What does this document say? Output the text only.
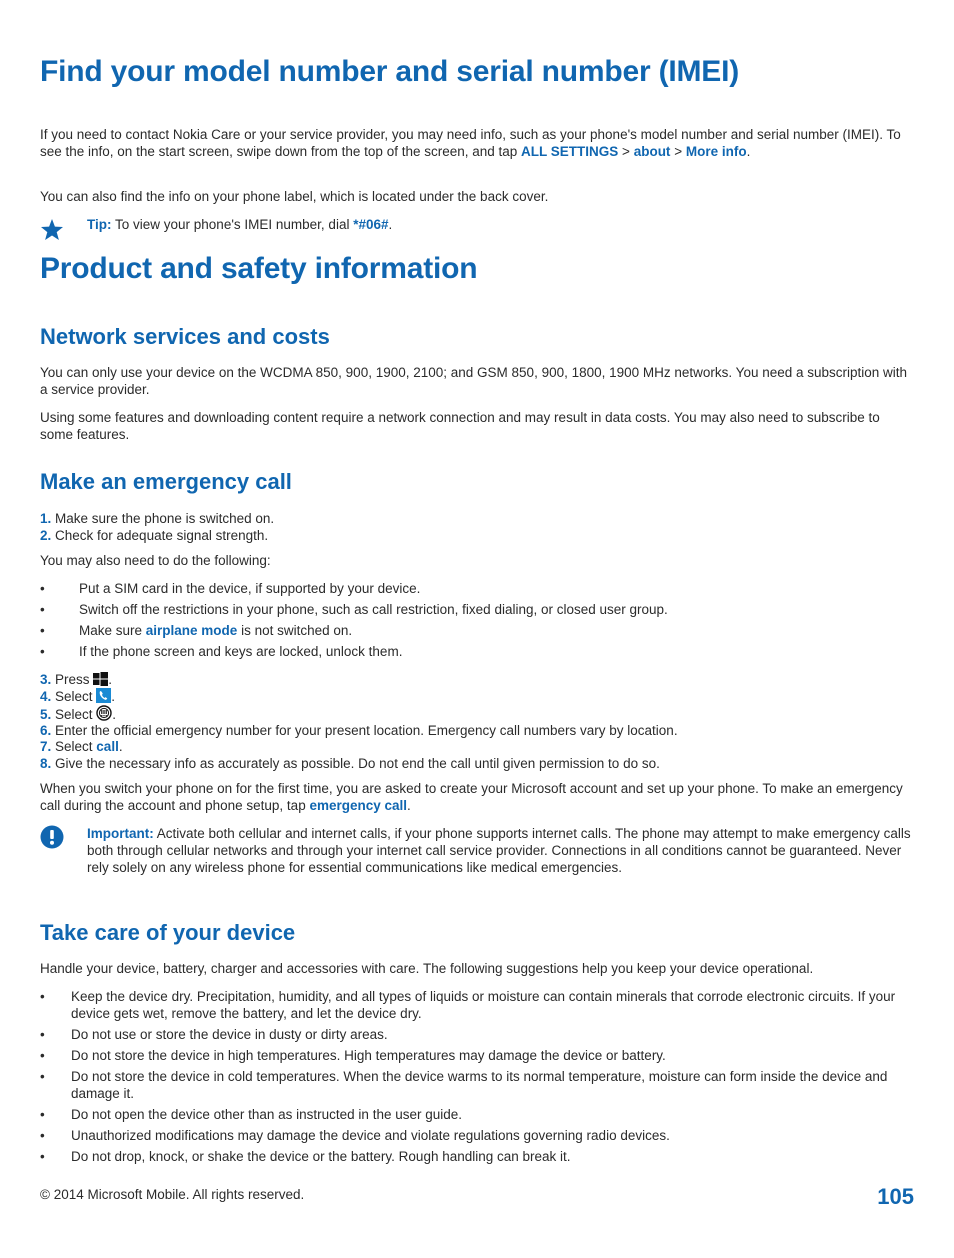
Find your model number and serial number (IMEI)
If you need to contact Nokia Care or your service provider, you may need info, such as your phone's model number and serial number (IMEI). To see the info, on the start screen, swipe down from the top of the screen, and tap ALL SETTINGS > about > More info.
You can also find the info on your phone label, which is located under the back cover.
Tip: To view your phone's IMEI number, dial *#06#.
Product and safety information
Network services and costs
You can only use your device on the WCDMA 850, 900, 1900, 2100; and GSM 850, 900, 1800, 1900 MHz networks. You need a subscription with a service provider.
Using some features and downloading content require a network connection and may result in data costs. You may also need to subscribe to some features.
Make an emergency call
1. Make sure the phone is switched on.
2. Check for adequate signal strength.
You may also need to do the following:
•	Put a SIM card in the device, if supported by your device.
•	Switch off the restrictions in your phone, such as call restriction, fixed dialing, or closed user group.
•	Make sure airplane mode is not switched on.
•	If the phone screen and keys are locked, unlock them.
3. Press .
4. Select .
5. Select .
6. Enter the official emergency number for your present location. Emergency call numbers vary by location.
7. Select call.
8. Give the necessary info as accurately as possible. Do not end the call until given permission to do so.
When you switch your phone on for the first time, you are asked to create your Microsoft account and set up your phone. To make an emergency call during the account and phone setup, tap emergency call.
Important: Activate both cellular and internet calls, if your phone supports internet calls. The phone may attempt to make emergency calls both through cellular networks and through your internet call service provider. Connections in all conditions cannot be guaranteed. Never rely solely on any wireless phone for essential communications like medical emergencies.
Take care of your device
Handle your device, battery, charger and accessories with care. The following suggestions help you keep your device operational.
• Keep the device dry. Precipitation, humidity, and all types of liquids or moisture can contain minerals that corrode electronic circuits. If your device gets wet, remove the battery, and let the device dry.
• Do not use or store the device in dusty or dirty areas.
• Do not store the device in high temperatures. High temperatures may damage the device or battery.
• Do not store the device in cold temperatures. When the device warms to its normal temperature, moisture can form inside the device and damage it.
• Do not open the device other than as instructed in the user guide.
• Unauthorized modifications may damage the device and violate regulations governing radio devices.
• Do not drop, knock, or shake the device or the battery. Rough handling can break it.
© 2014 Microsoft Mobile. All rights reserved.	105
